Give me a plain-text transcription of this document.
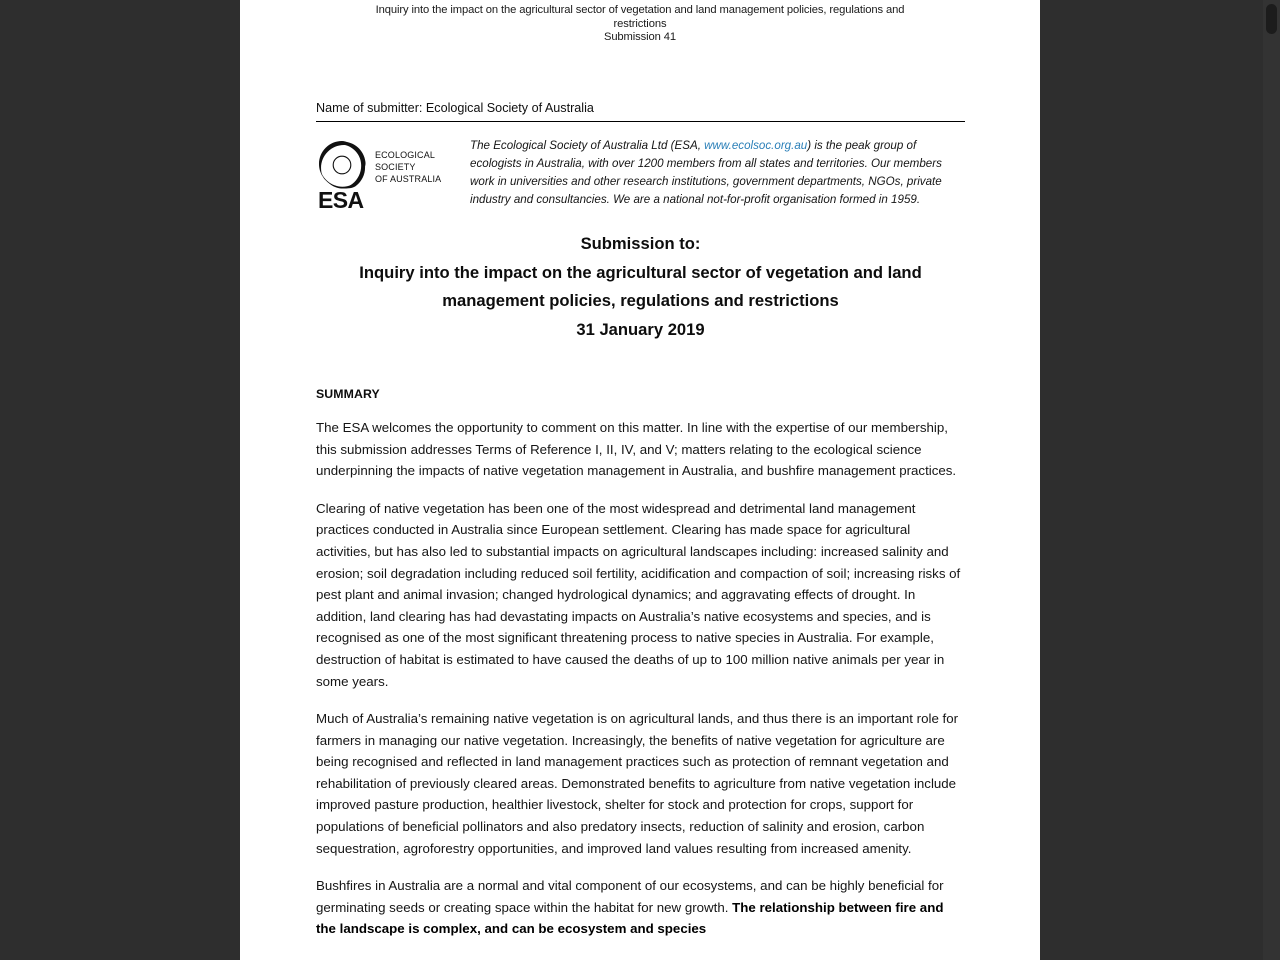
Inquiry into the impact on the agricultural sector of vegetation and land management policies, regulations and
restrictions
Submission 41
Name of submitter: Ecological Society of Australia
ECOLOGICAL
SOCIETY
OF AUSTRALIA
ESA
The Ecological Society of Australia Ltd (ESA, www.ecolsoc.org.au) is the peak group of ecologists in Australia, with over 1200 members from all states and territories. Our members work in universities and other research institutions, government departments, NGOs, private industry and consultancies. We are a national not-for-profit organisation formed in 1959.
Submission to:
Inquiry into the impact on the agricultural sector of vegetation and land
management policies, regulations and restrictions
31 January 2019
SUMMARY

The ESA welcomes the opportunity to comment on this matter. In line with the expertise of our membership, this submission addresses Terms of Reference I, II, IV, and V; matters relating to the ecological science underpinning the impacts of native vegetation management in Australia, and bushfire management practices.

Clearing of native vegetation has been one of the most widespread and detrimental land management practices conducted in Australia since European settlement. Clearing has made space for agricultural activities, but has also led to substantial impacts on agricultural landscapes including: increased salinity and erosion; soil degradation including reduced soil fertility, acidification and compaction of soil; increasing risks of pest plant and animal invasion; changed hydrological dynamics; and aggravating effects of drought. In addition, land clearing has had devastating impacts on Australia’s native ecosystems and species, and is recognised as one of the most significant threatening process to native species in Australia. For example, destruction of habitat is estimated to have caused the deaths of up to 100 million native animals per year in some years.

Much of Australia’s remaining native vegetation is on agricultural lands, and thus there is an important role for farmers in managing our native vegetation. Increasingly, the benefits of native vegetation for agriculture are being recognised and reflected in land management practices such as protection of remnant vegetation and rehabilitation of previously cleared areas. Demonstrated benefits to agriculture from native vegetation include improved pasture production, healthier livestock, shelter for stock and protection for crops, support for populations of beneficial pollinators and also predatory insects, reduction of salinity and erosion, carbon sequestration, agroforestry opportunities, and improved land values resulting from increased amenity.

Bushfires in Australia are a normal and vital component of our ecosystems, and can be highly beneficial for germinating seeds or creating space within the habitat for new growth. The relationship between fire and the landscape is complex, and can be ecosystem and species
